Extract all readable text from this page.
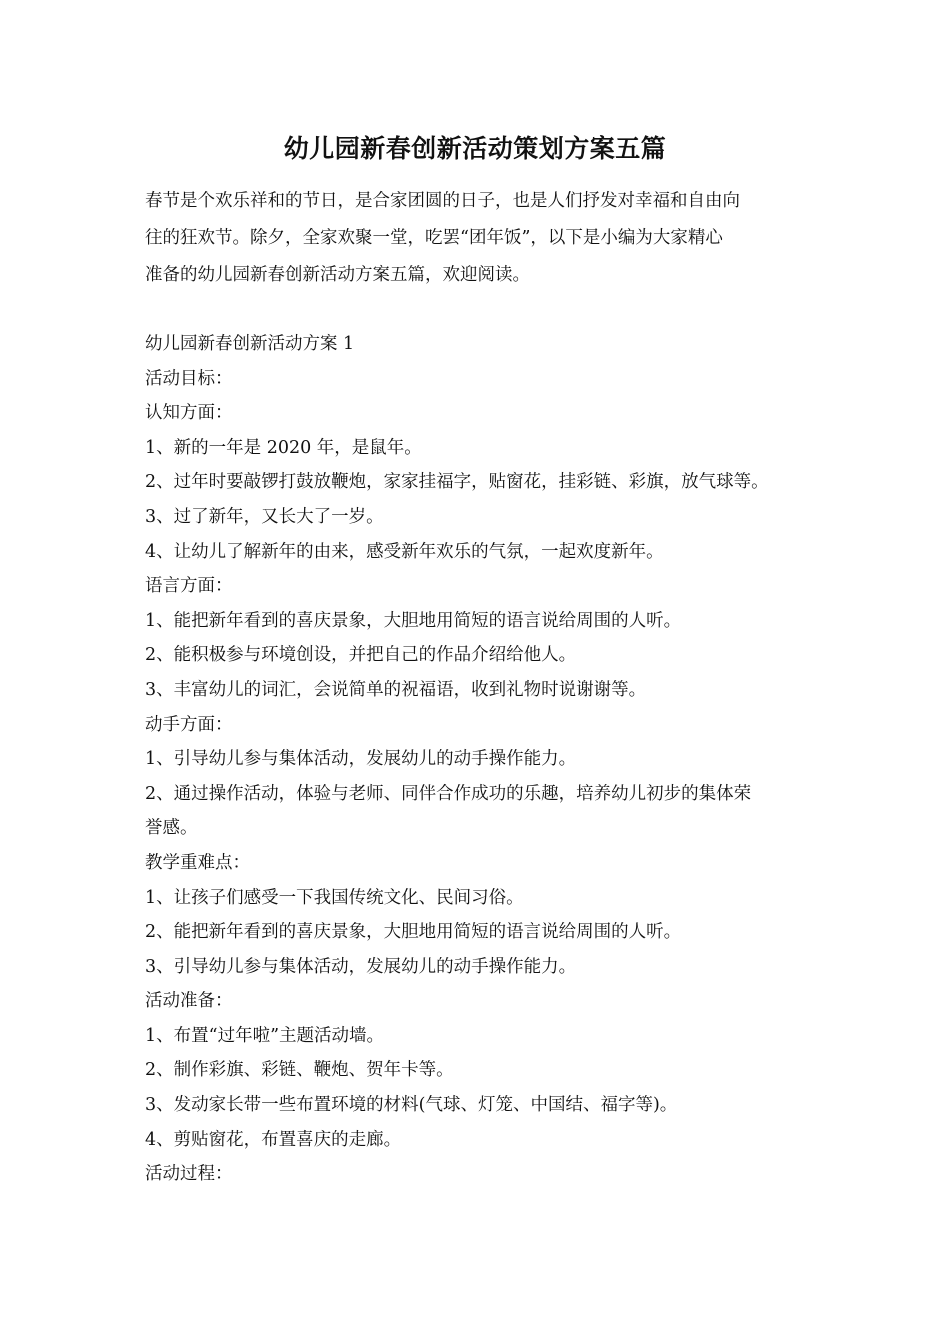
幼儿园新春创新活动策划方案五篇

春节是个欢乐祥和的节日，是合家团圆的日子，也是人们抒发对幸福和自由向
往的狂欢节。除夕，全家欢聚一堂，吃罢“团年饭”，以下是小编为大家精心
准备的幼儿园新春创新活动方案五篇，欢迎阅读。

幼儿园新春创新活动方案 1
活动目标：
认知方面：
1、新的一年是 2020 年，是鼠年。
2、过年时要敲锣打鼓放鞭炮，家家挂福字，贴窗花，挂彩链、彩旗，放气球等。
3、过了新年，又长大了一岁。
4、让幼儿了解新年的由来，感受新年欢乐的气氛，一起欢度新年。
语言方面：
1、能把新年看到的喜庆景象，大胆地用简短的语言说给周围的人听。
2、能积极参与环境创设，并把自己的作品介绍给他人。
3、丰富幼儿的词汇，会说简单的祝福语，收到礼物时说谢谢等。
动手方面：
1、引导幼儿参与集体活动，发展幼儿的动手操作能力。
2、通过操作活动，体验与老师、同伴合作成功的乐趣，培养幼儿初步的集体荣
誉感。
教学重难点：
1、让孩子们感受一下我国传统文化、民间习俗。
2、能把新年看到的喜庆景象，大胆地用简短的语言说给周围的人听。
3、引导幼儿参与集体活动，发展幼儿的动手操作能力。
活动准备：
1、布置“过年啦”主题活动墙。
2、制作彩旗、彩链、鞭炮、贺年卡等。
3、发动家长带一些布置环境的材料(气球、灯笼、中国结、福字等)。
4、剪贴窗花，布置喜庆的走廊。
活动过程：
